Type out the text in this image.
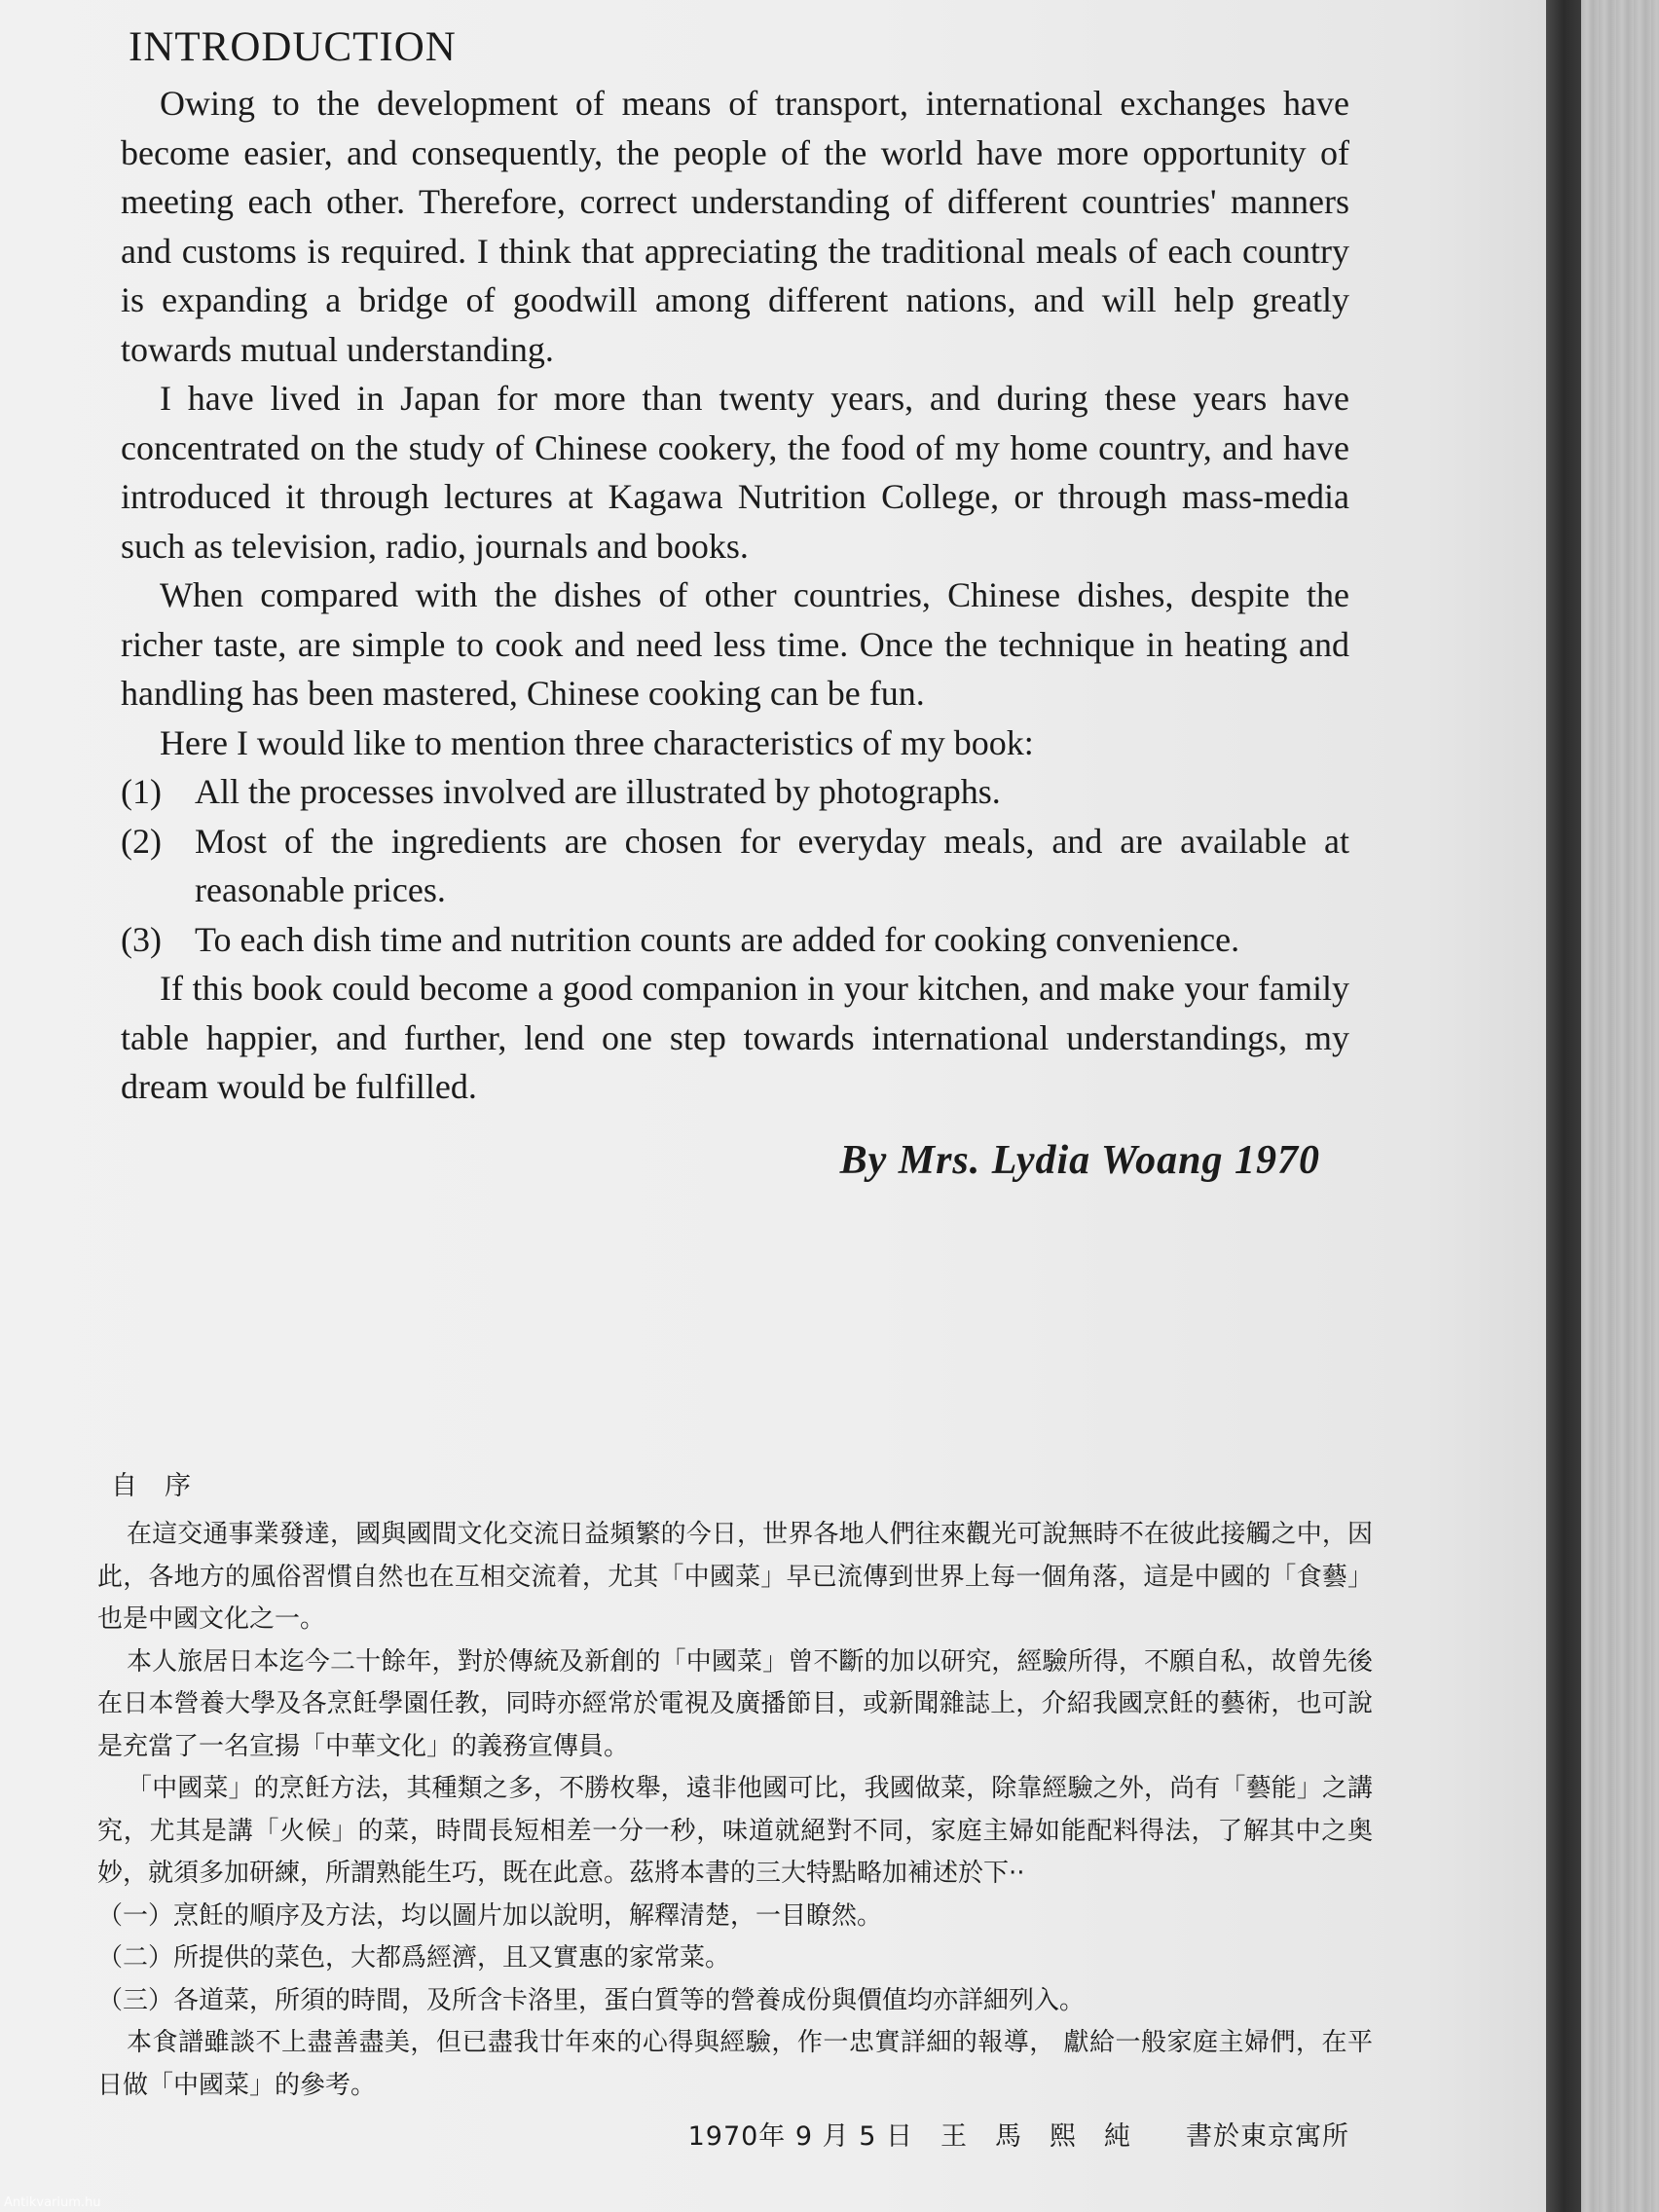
INTRODUCTION

Owing to the development of means of transport, international exchanges have become easier, and consequently, the people of the world have more opportunity of meeting each other. Therefore, correct understanding of different countries' manners and customs is required. I think that appreciating the traditional meals of each country is expanding a bridge of goodwill among different nations, and will help greatly towards mutual understanding.

I have lived in Japan for more than twenty years, and during these years have concentrated on the study of Chinese cookery, the food of my home country, and have introduced it through lectures at Kagawa Nutrition College, or through mass-media such as television, radio, journals and books.

When compared with the dishes of other countries, Chinese dishes, despite the richer taste, are simple to cook and need less time. Once the technique in heating and handling has been mastered, Chinese cooking can be fun.

Here I would like to mention three characteristics of my book:

(1) All the processes involved are illustrated by photographs.
(2) Most of the ingredients are chosen for everyday meals, and are available at reasonable prices.
(3) To each dish time and nutrition counts are added for cooking convenience.

If this book could become a good companion in your kitchen, and make your family table happier, and further, lend one step towards international understandings, my dream would be fulfilled.

By Mrs. Lydia Woang 1970
自序

在這交通事業發達，國與國間文化交流日益頻繁的今日，世界各地人們往來觀光可說無時不在彼此接觸之中，因此，各地方的風俗習慣自然也在互相交流着，尤其「中國菜」早已流傳到世界上每一個角落，這是中國的「食藝」也是中國文化之一。

本人旅居日本迄今二十餘年，對於傳統及新創的「中國菜」曾不斷的加以研究，經驗所得，不願自私，故曾先後在日本營養大學及各烹飪學園任教，同時亦經常於電視及廣播節目，或新聞雜誌上，介紹我國烹飪的藝術，也可說是充當了一名宣揚「中華文化」的義務宣傳員。

「中國菜」的烹飪方法，其種類之多，不勝枚舉，遠非他國可比，我國做菜，除靠經驗之外，尚有「藝能」之講究，尤其是講「火候」的菜，時間長短相差一分一秒，味道就絕對不同，家庭主婦如能配料得法，了解其中之奥妙，就須多加研練，所謂熟能生巧，既在此意。茲將本書的三大特點略加補述於下··

（一）烹飪的順序及方法，均以圖片加以說明，解釋清楚，一目瞭然。

（二）所提供的菜色，大都爲經濟，且又實惠的家常菜。

（三）各道菜，所須的時間，及所含卡洛里，蛋白質等的營養成份與價值均亦詳細列入。

本食譜雖談不上盡善盡美，但已盡我廿年來的心得與經驗，作一忠實詳細的報導， 獻給一般家庭主婦們，在平日做「中國菜」的參考。

1970年 9 月 5 日　王　馬　熙　純　　書於東京寓所
Antikvarium.hu
